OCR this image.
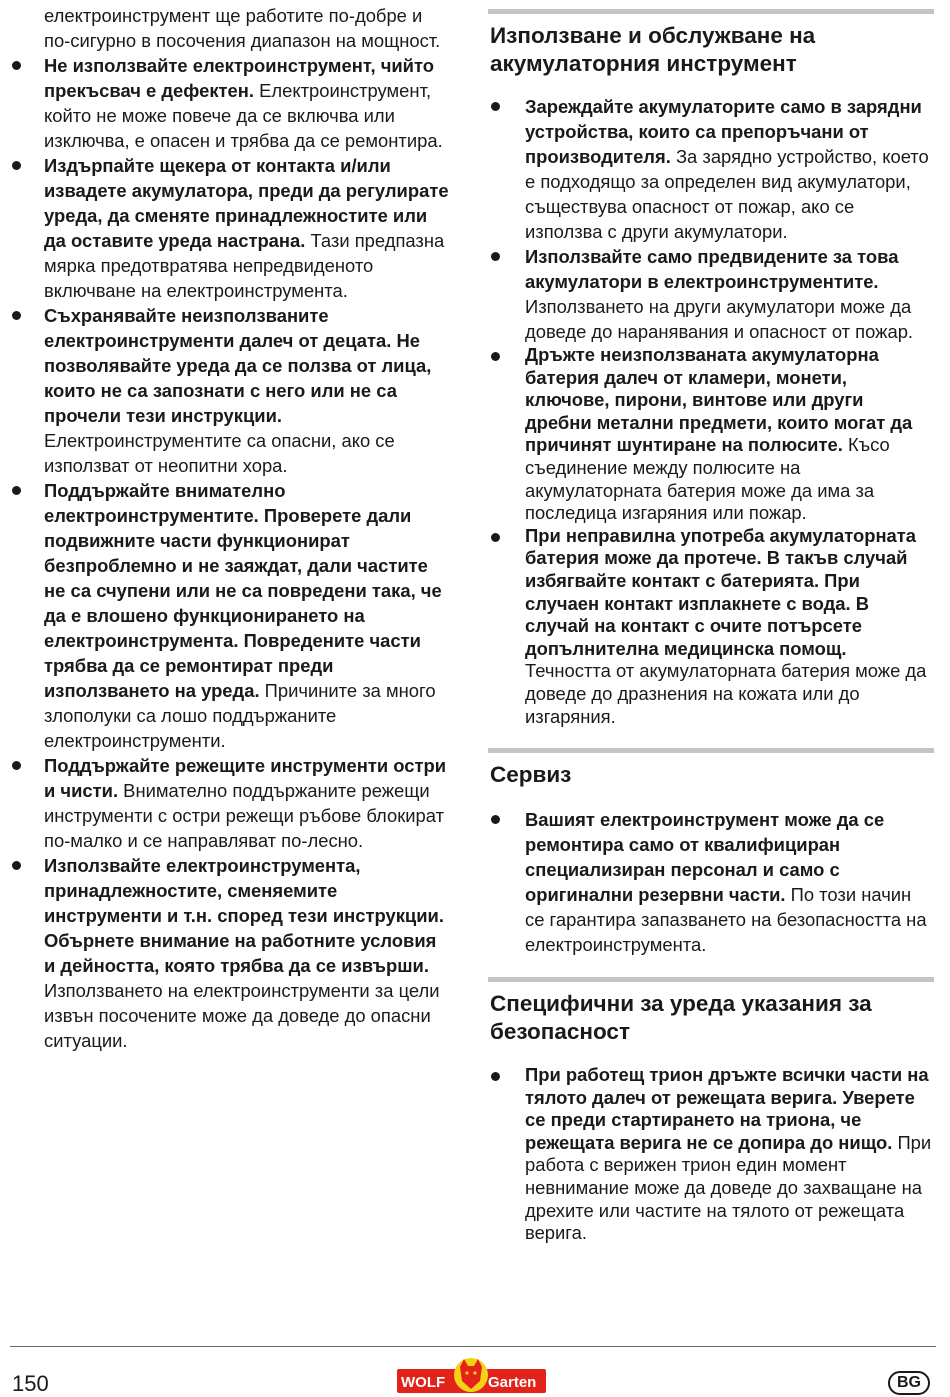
електроинструмент ще работите по-добре и по-сигурно в посочения диапазон на мощност.
Не използвайте електроинструмент, чийто прекъсвач е дефектен. Електроинструмент, който не може повече да се включва или изключва, е опасен и трябва да се ремонтира.
Издърпайте щекера от контакта и/или извадете акумулатора, преди да регулирате уреда, да сменяте принадлежностите или да оставите уреда настрана. Тази предпазна мярка предотвратява непредвиденото включване на електроинструмента.
Съхранявайте неизползваните електроинструменти далеч от децата. Не позволявайте уреда да се ползва от лица, които не са запознати с него или не са прочели тези инструкции. Електроинструментите са опасни, ако се използват от неопитни хора.
Поддържайте внимателно електроинструментите. Проверете дали подвижните части функционират безпроблемно и не заяждат, дали частите не са счупени или не са повредени така, че да е влошено функционирането на електроинструмента. Повредените части трябва да се ремонтират преди използването на уреда. Причините за много злополуки са лошо поддържаните електроинструменти.
Поддържайте режещите инструменти остри и чисти. Внимателно поддържаните режещи инструменти с остри режещи ръбове блокират по-малко и се направляват по-лесно.
Използвайте електроинструмента, принадлежностите, сменяемите инструменти и т.н. според тези инструкции. Обърнете внимание на работните условия и дейността, която трябва да се извърши. Използването на електроинструменти за цели извън посочените може да доведе до опасни ситуации.
Използване и обслужване на акумулаторния инструмент
Зареждайте акумулаторите само в зарядни устройства, които са препоръчани от производителя. За зарядно устройство, което е подходящо за определен вид акумулатори, съществува опасност от пожар, ако се използва с други акумулатори.
Използвайте само предвидените за това акумулатори в електроинструментите. Използването на други акумулатори може да доведе до наранявания и опасност от пожар.
Дръжте неизползваната акумулаторна батерия далеч от кламери, монети, ключове, пирони, винтове или други дребни метални предмети, които могат да причинят шунтиране на полюсите. Късо съединение между полюсите на акумулаторната батерия може да има за последица изгаряния или пожар.
При неправилна употреба акумулаторната батерия може да протече. В такъв случай избягвайте контакт с батерията. При случаен контакт изплакнете с вода. В случай на контакт с очите потърсете допълнителна медицинска помощ. Течността от акумулаторната батерия може да доведе до дразнения на кожата или до изгаряния.
Сервиз
Вашият електроинструмент може да се ремонтира само от квалифициран специализиран персонал и само с оригинални резервни части. По този начин се гарантира запазването на безопасността на електроинструмента.
Специфични за уреда указания за безопасност
При работещ трион дръжте всички части на тялото далеч от режещата верига. Уверете се преди стартирането на триона, че режещата верига не се допира до нищо. При работа с верижен трион един момент невнимание може да доведе до захващане на дрехите или частите на тялото от режещата верига.
150	WOLF	Garten	BG
